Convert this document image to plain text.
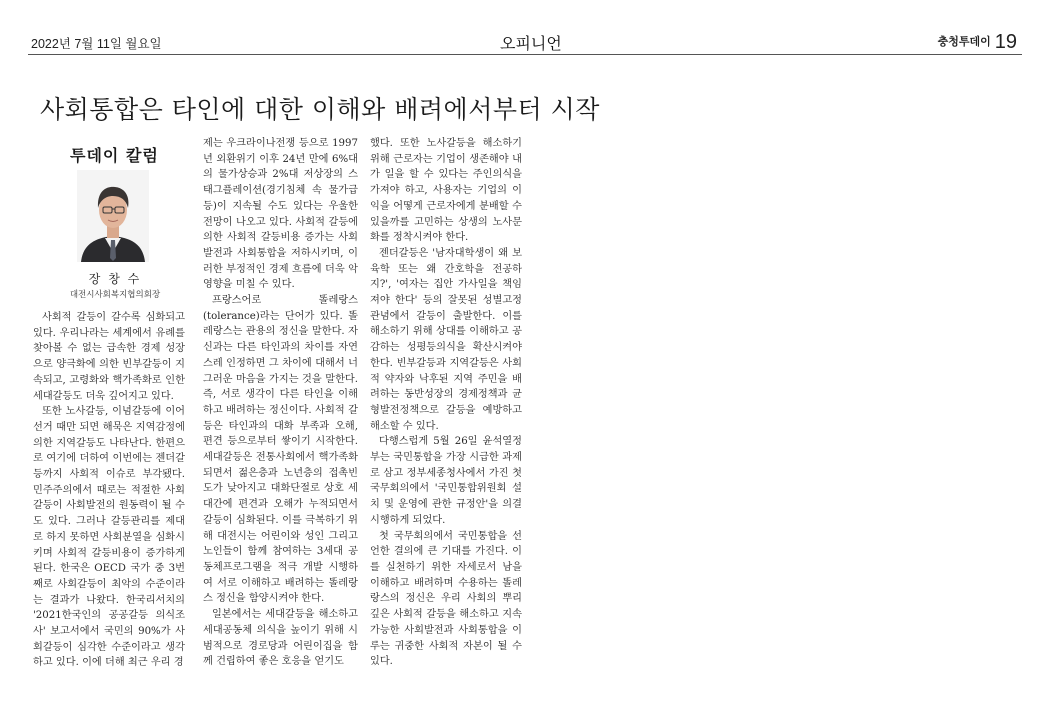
2022년 7월 11일 월요일	오피니언	충청투데이 19
사회통합은 타인에 대한 이해와 배려에서부터 시작
투데이 칼럼
장 창 수
대전시사회복지협의회장

사회적 갈등이 갈수록 심화되고 있다. 우리나라는 세계에서 유례를 찾아볼 수 없는 급속한 경제 성장으로 양극화에 의한 빈부갈등이 지속되고, 고령화와 핵가족화로 인한 세대갈등도 더욱 깊어지고 있다.

또한 노사갈등, 이념갈등에 이어 선거 때만 되면 해묵은 지역감정에 의한 지역갈등도 나타난다. 한편으로 여기에 더하여 이번에는 젠더갈등까지 사회적 이슈로 부각됐다. 민주주의에서 때로는 적절한 사회갈등이 사회발전의 원동력이 될 수도 있다. 그러나 갈등관리를 제대로 하지 못하면 사회분열을 심화시키며 사회적 갈등비용이 증가하게 된다. 한국은 OECD 국가 중 3번째로 사회갈등이 최악의 수준이라는 결과가 나왔다. 한국리서치의 '2021한국인의 공공갈등 의식조사' 보고서에서 국민의 90%가 사회갈등이 심각한 수준이라고 생각하고 있다. 이에 더해 최근 우리 경

제는 우크라이나전쟁 등으로 1997년 외환위기 이후 24년 만에 6%대의 물가상승과 2%대 저상장의 스태그플레이션(경기침체 속 물가급등)이 지속될 수도 있다는 우울한 전망이 나오고 있다. 사회적 갈등에 의한 사회적 갈등비용 증가는 사회발전과 사회통합을 저하시키며, 이러한 부정적인 경제 흐름에 더욱 악영향을 미칠 수 있다.

프랑스어로 똘레랑스(tolerance)라는 단어가 있다. 똘레랑스는 관용의 정신을 말한다. 자신과는 다른 타인과의 차이를 자연스레 인정하면 그 차이에 대해서 너그러운 마음을 가지는 것을 말한다. 즉, 서로 생각이 다른 타인을 이해하고 배려하는 정신이다. 사회적 갈등은 타인과의 대화 부족과 오해, 편견 등으로부터 쌓이기 시작한다. 세대갈등은 전통사회에서 핵가족화되면서 젊은층과 노년층의 접촉빈도가 낮아지고 대화단절로 상호 세대간에 편견과 오해가 누적되면서 갈등이 심화된다. 이를 극복하기 위해 대전시는 어린이와 성인 그리고 노인들이 함께 참여하는 3세대 공동체프로그램을 적극 개발 시행하여 서로 이해하고 배려하는 똘레랑스 정신을 함양시켜야 한다.

일본에서는 세대갈등을 해소하고 세대공동체 의식을 높이기 위해 시범적으로 경로당과 어린이집을 함께 건립하여 좋은 호응을 얻기도

했다. 또한 노사갈등을 해소하기 위해 근로자는 기업이 생존해야 내가 일을 할 수 있다는 주인의식을 가져야 하고, 사용자는 기업의 이익을 어떻게 근로자에게 분배할 수 있을까를 고민하는 상생의 노사문화를 정착시켜야 한다.

젠더갈등은 '남자대학생이 왜 보육학 또는 왜 간호학을 전공하지?', '여자는 집안 가사일을 책임져야 한다' 등의 잘못된 성별고정관념에서 갈등이 출발한다. 이를 해소하기 위해 상대를 이해하고 공감하는 성평등의식을 확산시켜야 한다. 빈부갈등과 지역갈등은 사회적 약자와 낙후된 지역 주민을 배려하는 동반성장의 경제정책과 균형발전정책으로 갈등을 예방하고 해소할 수 있다.

다행스럽게 5월 26일 윤석열정부는 국민통합을 가장 시급한 과제로 삼고 정부세종청사에서 가진 첫 국무회의에서 '국민통합위원회 설치 및 운영에 관한 규정안'을 의결 시행하게 되었다.

첫 국무회의에서 국민통합을 선언한 결의에 큰 기대를 가진다. 이를 실천하기 위한 자세로서 남을 이해하고 배려하며 수용하는 똘레랑스의 정신은 우리 사회의 뿌리 깊은 사회적 갈등을 해소하고 지속가능한 사회발전과 사회통합을 이루는 귀중한 사회적 자본이 될 수 있다.
